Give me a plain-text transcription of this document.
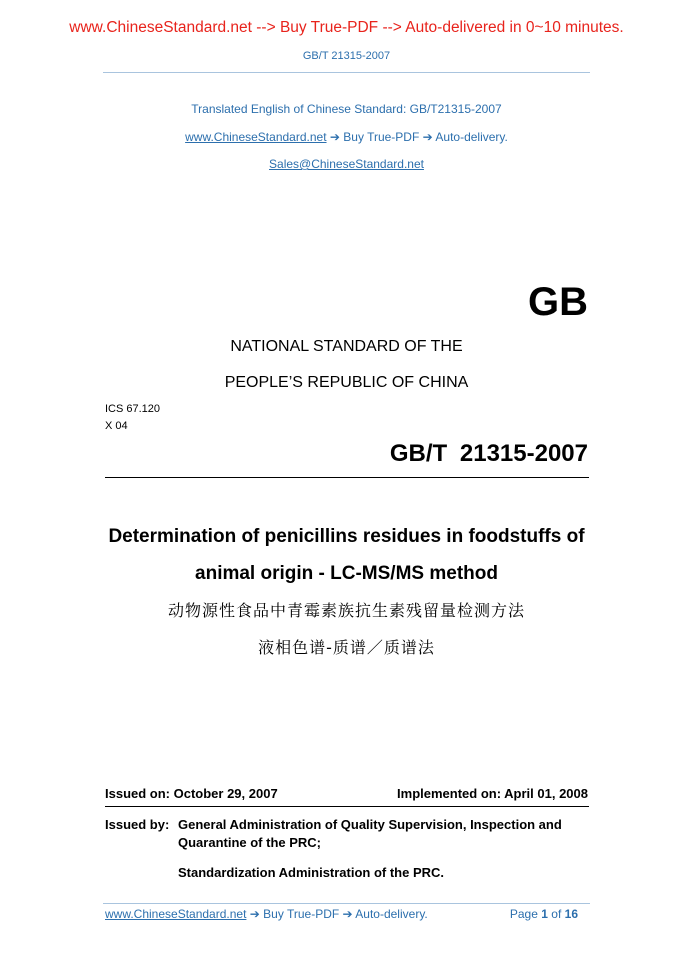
www.ChineseStandard.net --> Buy True-PDF --> Auto-delivered in 0~10 minutes.
GB/T 21315-2007
Translated English of Chinese Standard: GB/T21315-2007
www.ChineseStandard.net ➔ Buy True-PDF ➔ Auto-delivery.
Sales@ChineseStandard.net
GB
NATIONAL STANDARD OF THE
PEOPLE’S REPUBLIC OF CHINA
ICS 67.120
X 04
GB/T 21315-2007
Determination of penicillins residues in foodstuffs of
animal origin - LC-MS/MS method
动物源性食品中青霉素族抗生素残留量检测方法
液相色谱-质谱／质谱法
Issued on: October 29, 2007	Implemented on: April 01, 2008
Issued by: General Administration of Quality Supervision, Inspection and
Quarantine of the PRC;
Standardization Administration of the PRC.
www.ChineseStandard.net ➔ Buy True-PDF ➔ Auto-delivery.	Page 1 of 16
